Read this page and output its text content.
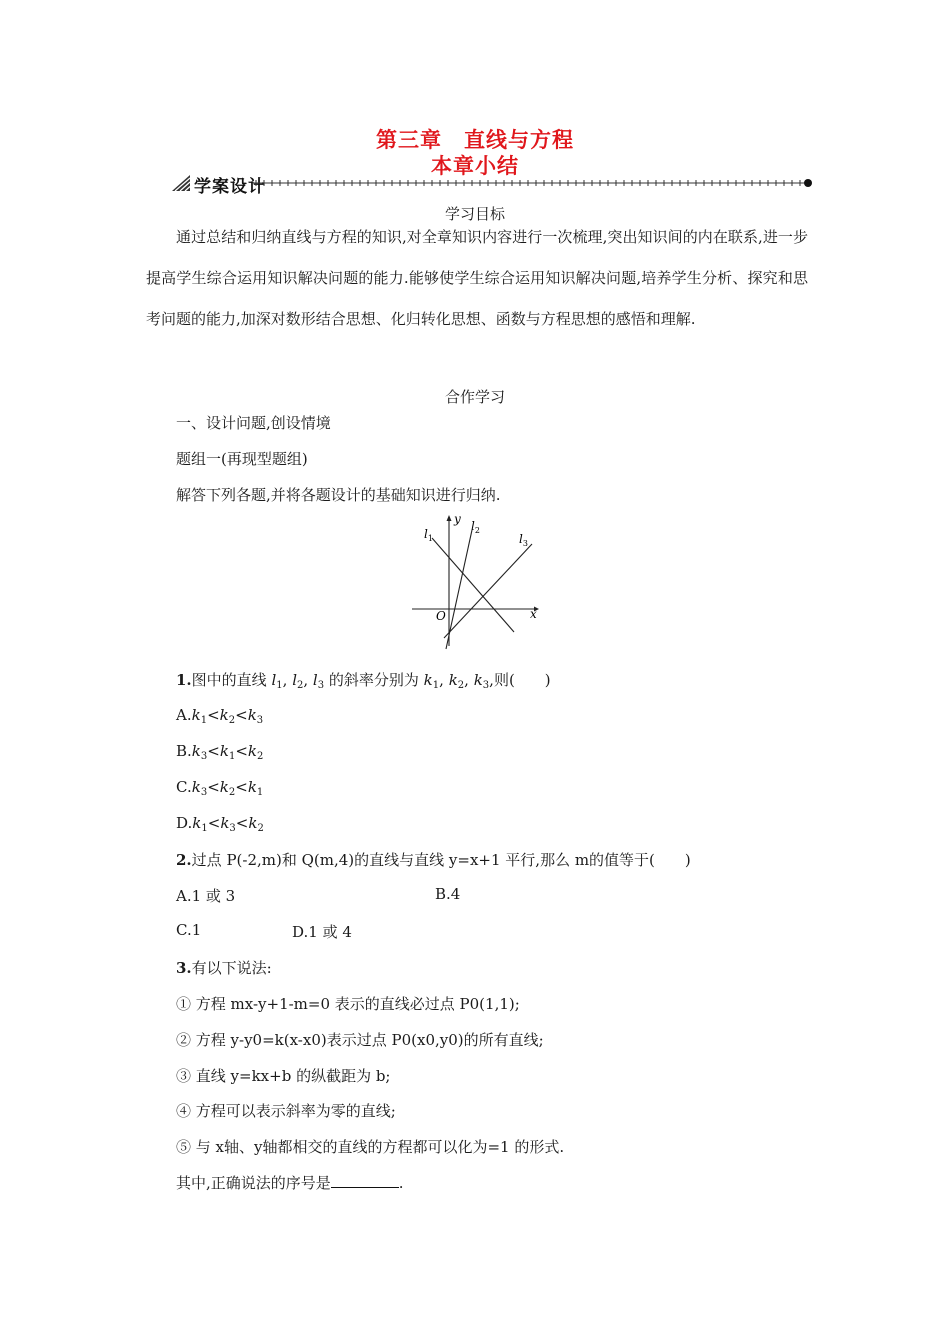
第三章　直线与方程
本章小结
学案设计
学习目标
通过总结和归纳直线与方程的知识,对全章知识内容进行一次梳理,突出知识间的内在联系,进一步提高学生综合运用知识解决问题的能力.能够使学生综合运用知识解决问题,培养学生分析、探究和思考问题的能力,加深对数形结合思想、化归转化思想、函数与方程思想的感悟和理解.
合作学习
一、设计问题,创设情境
题组一(再现型题组)
解答下列各题,并将各题设计的基础知识进行归纳.
y
x
O
$l_1$
$l_2$
$l_3$
1.图中的直线 $l_1$, $l_2$, $l_3$ 的斜率分别为 $k_1$, $k_2$, $k_3$,则(　　)
$A.k_1<k_2<k_3$
$B.k_3<k_1<k_2$
$C.k_3<k_2<k_1$
$D.k_1<k_3<k_2$
2.过点 P(-2,m)和 Q(m,4)的直线与直线 y=x+1 平行,那么 m的值等于(　　)
A.1 或 3	B.4
C.1	D.1 或 4
3.有以下说法:
① 方程 mx-y+1-m=0 表示的直线必过点 P0(1,1);
② 方程 y-y0=k(x-x0)表示过点 P0(x0,y0)的所有直线;
③ 直线 y=kx+b 的纵截距为 b;
④ 方程可以表示斜率为零的直线;
⑤ 与 x轴、y轴都相交的直线的方程都可以化为=1 的形式.
其中,正确说法的序号是	.
